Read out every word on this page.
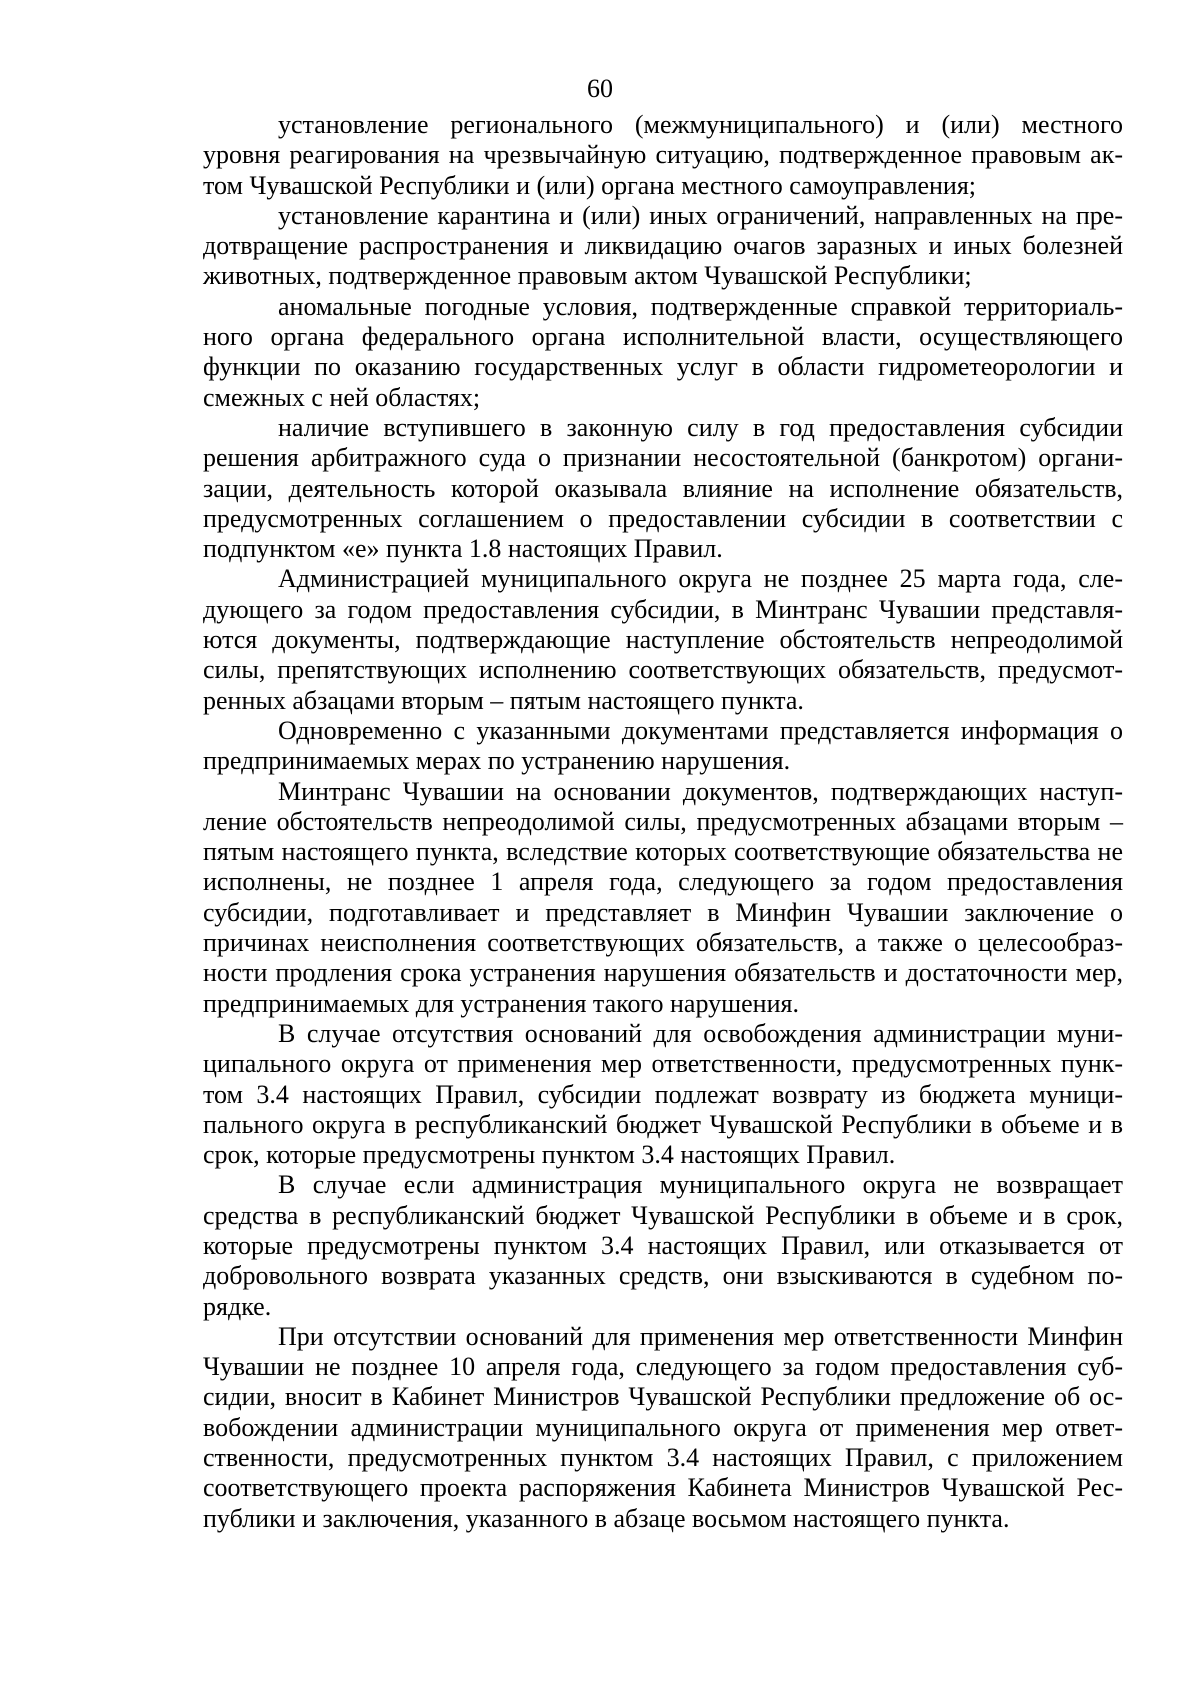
60

установление регионального (межмуниципального) и (или) местного уровня реагирования на чрезвычайную ситуацию, подтвержденное правовым актом Чувашской Республики и (или) органа местного самоуправления;

установление карантина и (или) иных ограничений, направленных на предотвращение распространения и ликвидацию очагов заразных и иных болезней животных, подтвержденное правовым актом Чувашской Республики;

аномальные погодные условия, подтвержденные справкой территориального органа федерального органа исполнительной власти, осуществляющего функции по оказанию государственных услуг в области гидрометеорологии и смежных с ней областях;

наличие вступившего в законную силу в год предоставления субсидии решения арбитражного суда о признании несостоятельной (банкротом) организации, деятельность которой оказывала влияние на исполнение обязательств, предусмотренных соглашением о предоставлении субсидии в соответствии с подпунктом «е» пункта 1.8 настоящих Правил.

Администрацией муниципального округа не позднее 25 марта года, следующего за годом предоставления субсидии, в Минтранс Чувашии представляются документы, подтверждающие наступление обстоятельств непреодолимой силы, препятствующих исполнению соответствующих обязательств, предусмотренных абзацами вторым – пятым настоящего пункта.

Одновременно с указанными документами представляется информация о предпринимаемых мерах по устранению нарушения.

Минтранс Чувашии на основании документов, подтверждающих наступление обстоятельств непреодолимой силы, предусмотренных абзацами вторым – пятым настоящего пункта, вследствие которых соответствующие обязательства не исполнены, не позднее 1 апреля года, следующего за годом предоставления субсидии, подготавливает и представляет в Минфин Чувашии заключение о причинах неисполнения соответствующих обязательств, а также о целесообразности продления срока устранения нарушения обязательств и достаточности мер, предпринимаемых для устранения такого нарушения.

В случае отсутствия оснований для освобождения администрации муниципального округа от применения мер ответственности, предусмотренных пунктом 3.4 настоящих Правил, субсидии подлежат возврату из бюджета муниципального округа в республиканский бюджет Чувашской Республики в объеме и в срок, которые предусмотрены пунктом 3.4 настоящих Правил.

В случае если администрация муниципального округа не возвращает средства в республиканский бюджет Чувашской Республики в объеме и в срок, которые предусмотрены пунктом 3.4 настоящих Правил, или отказывается от добровольного возврата указанных средств, они взыскиваются в судебном порядке.

При отсутствии оснований для применения мер ответственности Минфин Чувашии не позднее 10 апреля года, следующего за годом предоставления субсидии, вносит в Кабинет Министров Чувашской Республики предложение об освобождении администрации муниципального округа от применения мер ответственности, предусмотренных пунктом 3.4 настоящих Правил, с приложением соответствующего проекта распоряжения Кабинета Министров Чувашской Республики и заключения, указанного в абзаце восьмом настоящего пункта.
